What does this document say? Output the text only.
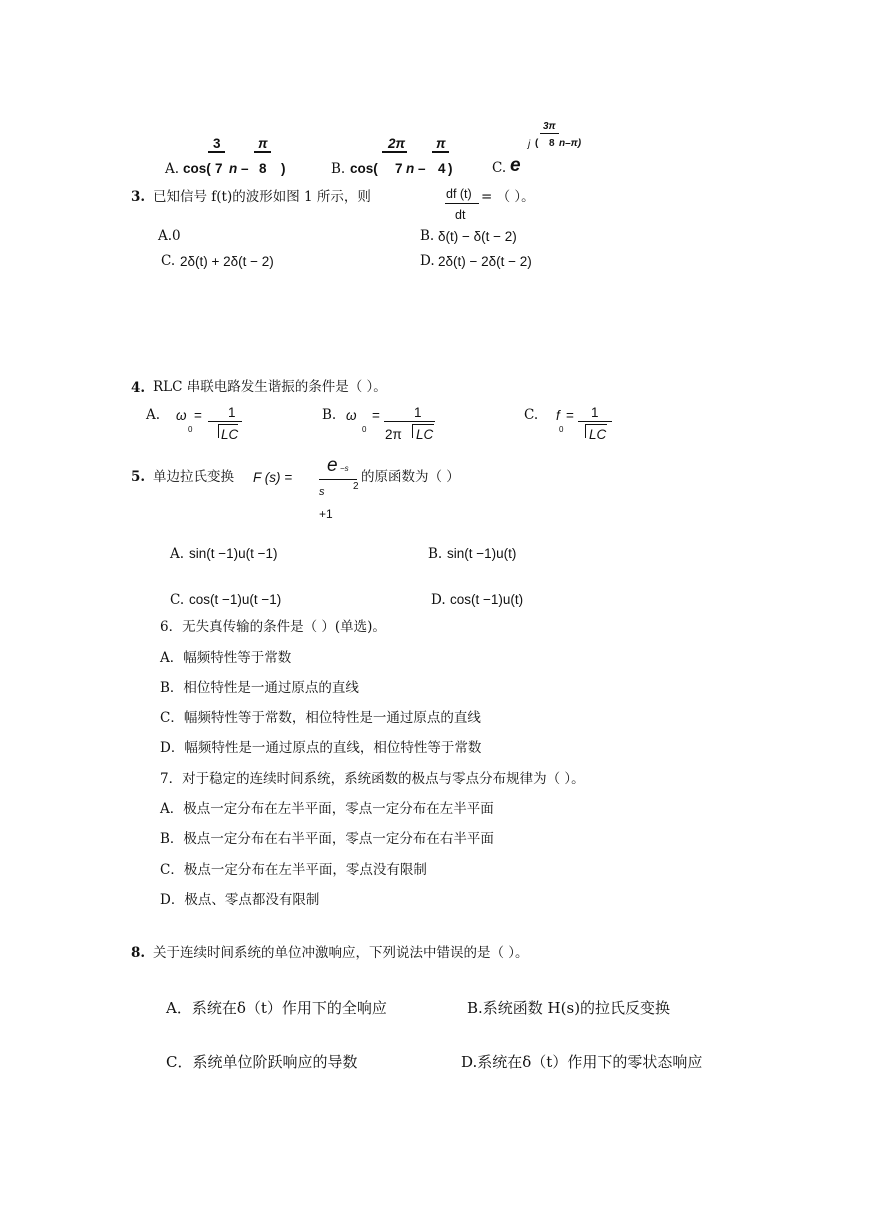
A. cos(
3
7 n –
π
8 )	B. cos(
2π
7 n –
π
4 )	C. e
j (
3π
8 n–π)
3. 已知信号 f(t)的波形如图 1 所示，则	df (t)
dt
= （ ）。
A. 0	B. δ(t) − δ(t − 2)
C. 2δ(t) + 2δ(t − 2)	D. 2δ(t) − 2δ(t − 2)
4. RLC 串联电路发生谐振的条件是（ ）。
A. ω
0
= 1
LC
B. ω
0
=	1
2π LC
C. f
0
= 1
LC
5. 单边拉氏变换 F (s) =
e −s
s	2
+1
的原函数为（ ）
A. sin(t −1)u(t −1)	B. sin(t −1)u(t)
C. cos(t −1)u(t −1)	D. cos(t −1)u(t)
6．无失真传输的条件是（ ）(单选)。
A．幅频特性等于常数
B．相位特性是一通过原点的直线
C．幅频特性等于常数，相位特性是一通过原点的直线
D．幅频特性是一通过原点的直线，相位特性等于常数
7．对于稳定的连续时间系统，系统函数的极点与零点分布规律为（ ）。
A．极点一定分布在左半平面，零点一定分布在左半平面
B．极点一定分布在右半平面，零点一定分布在右半平面
C．极点一定分布在左半平面，零点没有限制
D．极点、零点都没有限制
8. 关于连续时间系统的单位冲激响应，下列说法中错误的是（ ）。
A．系统在δ（t）作用下的全响应	B.系统函数 H(s)的拉氏反变换
C．系统单位阶跃响应的导数	D.系统在δ（t）作用下的零状态响应
